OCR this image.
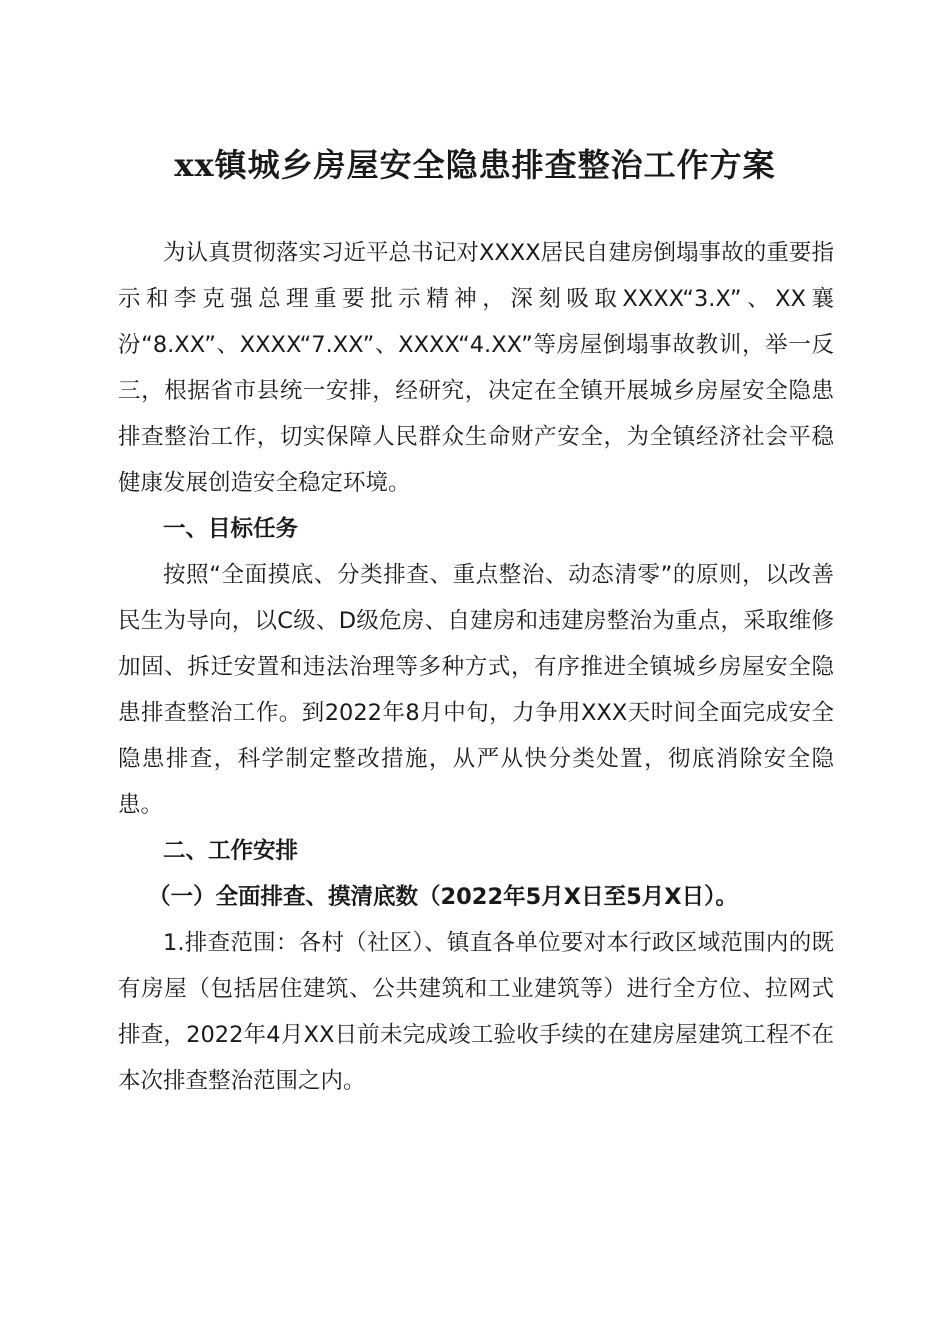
xx镇城乡房屋安全隐患排查整治工作方案

为认真贯彻落实习近平总书记对XXXX居民自建房倒塌事故的重要指示和李克强总理重要批示精神，深刻吸取XXXX“3.X”、XX襄汾“8.XX”、XXXX“7.XX”、XXXX“4.XX”等房屋倒塌事故教训，举一反三，根据省市县统一安排，经研究，决定在全镇开展城乡房屋安全隐患排查整治工作，切实保障人民群众生命财产安全，为全镇经济社会平稳健康发展创造安全稳定环境。

一、目标任务

按照“全面摸底、分类排查、重点整治、动态清零”的原则，以改善民生为导向，以C级、D级危房、自建房和违建房整治为重点，采取维修加固、拆迁安置和违法治理等多种方式，有序推进全镇城乡房屋安全隐患排查整治工作。到2022年8月中旬，力争用XXX天时间全面完成安全隐患排查，科学制定整改措施，从严从快分类处置，彻底消除安全隐患。

二、工作安排

（一）全面排查、摸清底数（2022年5月X日至5月X日）。

1.排查范围：各村（社区）、镇直各单位要对本行政区域范围内的既有房屋（包括居住建筑、公共建筑和工业建筑等）进行全方位、拉网式排查，2022年4月XX日前未完成竣工验收手续的在建房屋建筑工程不在本次排查整治范围之内。
